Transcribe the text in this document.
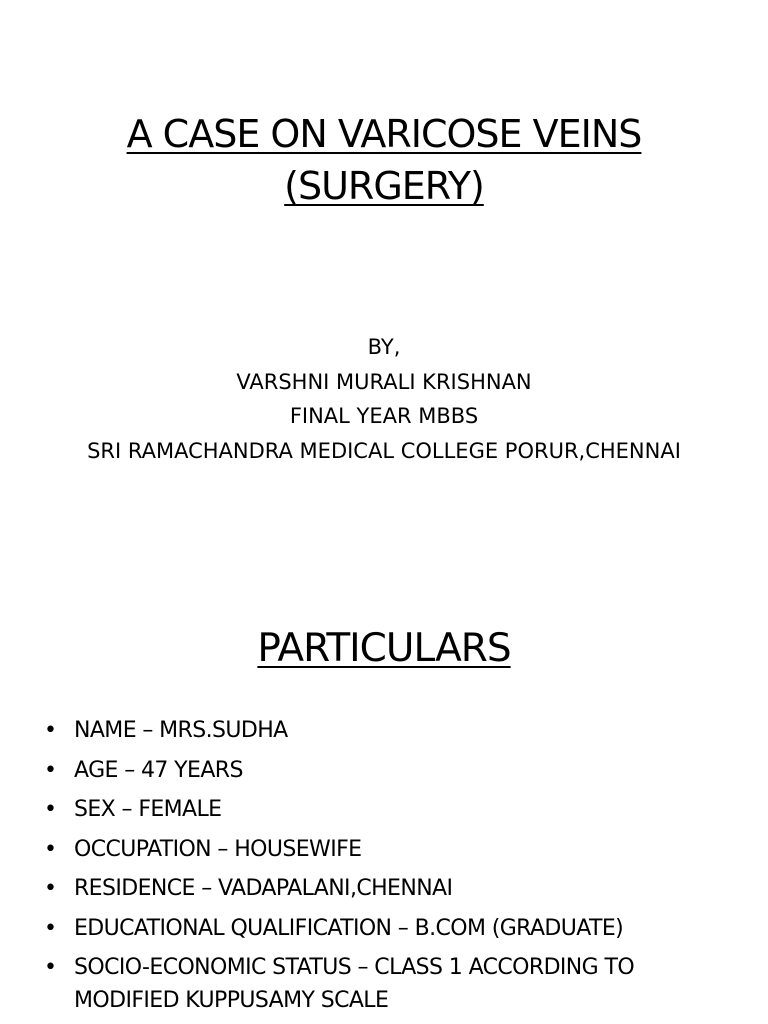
A CASE ON VARICOSE VEINS
(SURGERY)
BY,
VARSHNI MURALI KRISHNAN
FINAL YEAR MBBS
SRI RAMACHANDRA MEDICAL COLLEGE PORUR,CHENNAI
PARTICULARS
• NAME – MRS.SUDHA
• AGE – 47 YEARS
• SEX – FEMALE
• OCCUPATION – HOUSEWIFE
• RESIDENCE – VADAPALANI,CHENNAI
• EDUCATIONAL QUALIFICATION – B.COM (GRADUATE)
• SOCIO-ECONOMIC STATUS – CLASS 1 ACCORDING TO MODIFIED KUPPUSAMY SCALE
